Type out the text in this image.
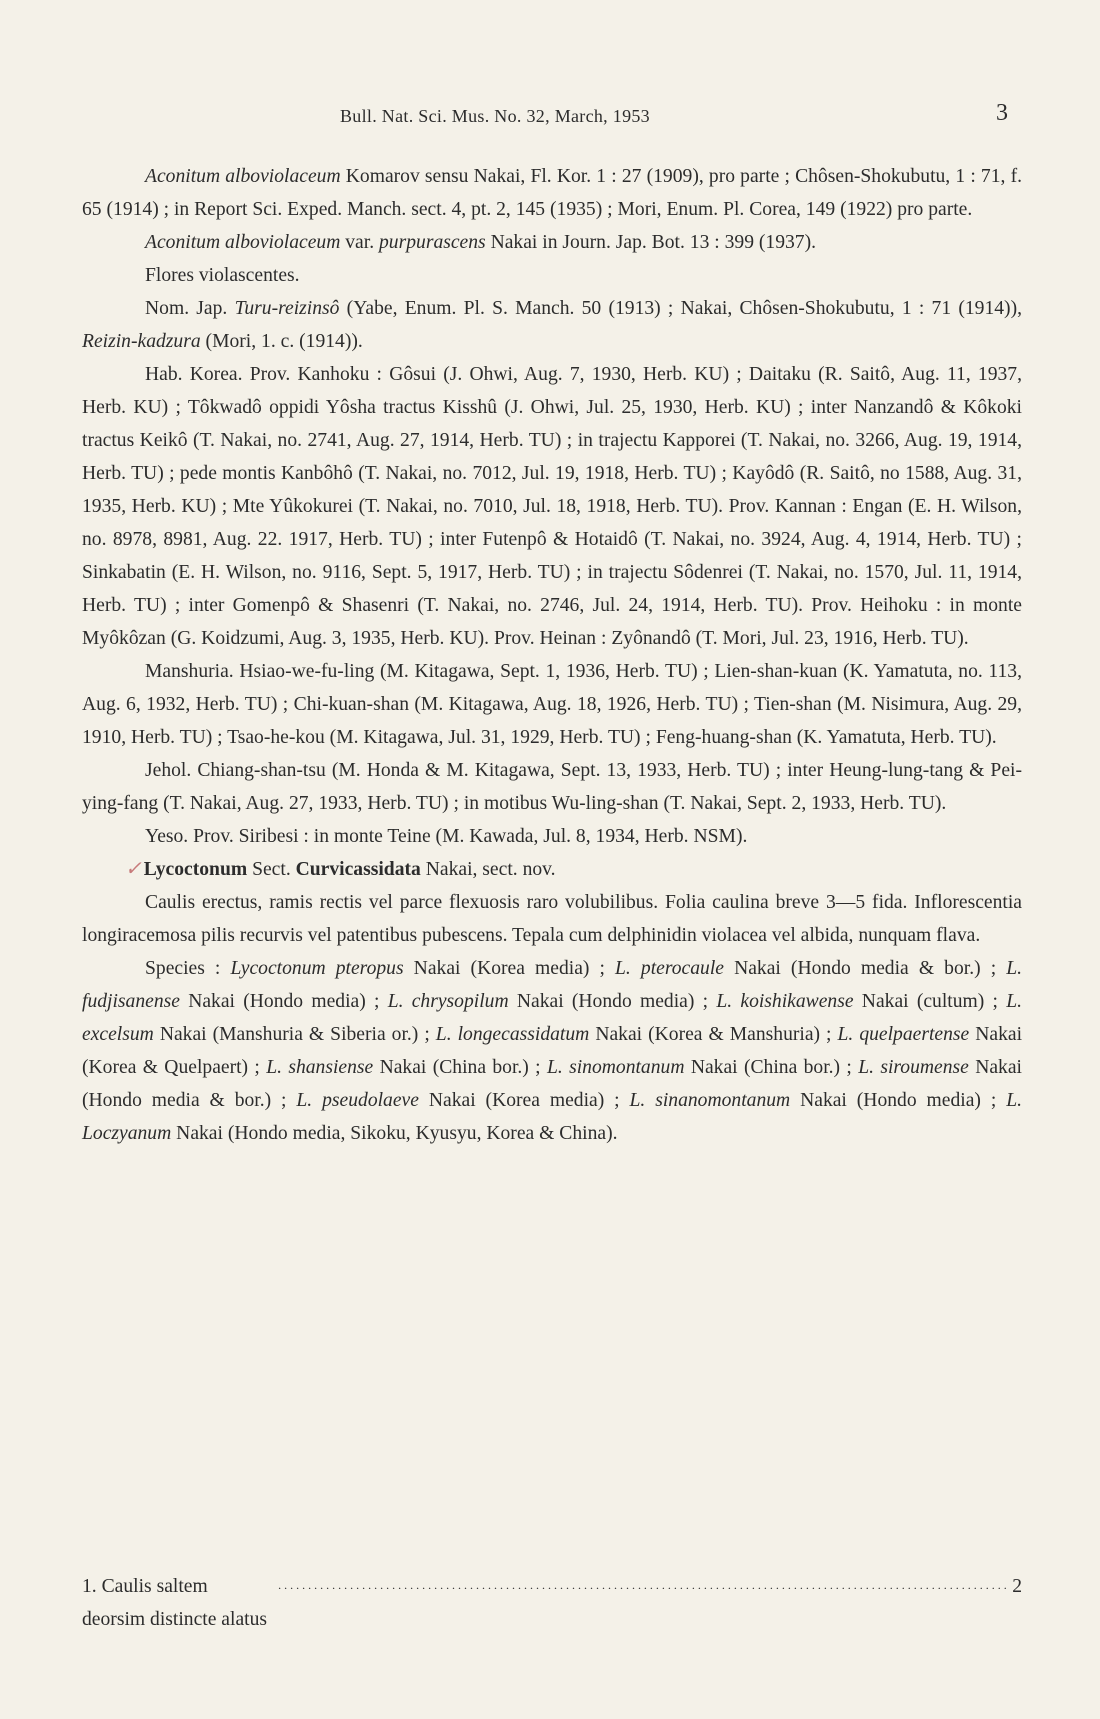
Bull. Nat. Sci. Mus. No. 32, March, 1953	3

Aconitum alboviolaceum Komarov sensu Nakai, Fl. Kor. 1 : 27 (1909), pro parte ; Chôsen-Shokubutu, 1 : 71, f. 65 (1914) ; in Report Sci. Exped. Manch. sect. 4, pt. 2, 145 (1935) ; Mori, Enum. Pl. Corea, 149 (1922) pro parte.

Aconitum alboviolaceum var. purpurascens Nakai in Journ. Jap. Bot. 13 : 399 (1937).

Flores violascentes.

Nom. Jap. Turu-reizinsô (Yabe, Enum. Pl. S. Manch. 50 (1913) ; Nakai, Chôsen-Shokubutu, 1 : 71 (1914)), Reizin-kadzura (Mori, 1. c. (1914)).

Hab. Korea. Prov. Kanhoku : Gôsui (J. Ohwi, Aug. 7, 1930, Herb. KU) ; Daitaku (R. Saitô, Aug. 11, 1937, Herb. KU) ; Tôkwadô oppidi Yôsha tractus Kisshû (J. Ohwi, Jul. 25, 1930, Herb. KU) ; inter Nanzandô & Kôkoki tractus Keikô (T. Nakai, no. 2741, Aug. 27, 1914, Herb. TU) ; in trajectu Kapporei (T. Nakai, no. 3266, Aug. 19, 1914, Herb. TU) ; pede montis Kanbôhô (T. Nakai, no. 7012, Jul. 19, 1918, Herb. TU) ; Kayôdô (R. Saitô, no 1588, Aug. 31, 1935, Herb. KU) ; Mte Yûkokurei (T. Nakai, no. 7010, Jul. 18, 1918, Herb. TU). Prov. Kannan : Engan (E. H. Wilson, no. 8978, 8981, Aug. 22. 1917, Herb. TU) ; inter Futenpô & Hotaidô (T. Nakai, no. 3924, Aug. 4, 1914, Herb. TU) ; Sinkabatin (E. H. Wilson, no. 9116, Sept. 5, 1917, Herb. TU) ; in trajectu Sôdenrei (T. Nakai, no. 1570, Jul. 11, 1914, Herb. TU) ; inter Gomenpô & Shasenri (T. Nakai, no. 2746, Jul. 24, 1914, Herb. TU). Prov. Heihoku : in monte Myôkôzan (G. Koidzumi, Aug. 3, 1935, Herb. KU). Prov. Heinan : Zyônandô (T. Mori, Jul. 23, 1916, Herb. TU).

Manshuria. Hsiao-we-fu-ling (M. Kitagawa, Sept. 1, 1936, Herb. TU) ; Lien-shan-kuan (K. Yamatuta, no. 113, Aug. 6, 1932, Herb. TU) ; Chi-kuan-shan (M. Kitagawa, Aug. 18, 1926, Herb. TU) ; Tien-shan (M. Nisimura, Aug. 29, 1910, Herb. TU) ; Tsao-he-kou (M. Kitagawa, Jul. 31, 1929, Herb. TU) ; Feng-huang-shan (K. Yamatuta, Herb. TU).

Jehol. Chiang-shan-tsu (M. Honda & M. Kitagawa, Sept. 13, 1933, Herb. TU) ; inter Heung-lung-tang & Pei-ying-fang (T. Nakai, Aug. 27, 1933, Herb. TU) ; in motibus Wu-ling-shan (T. Nakai, Sept. 2, 1933, Herb. TU).

Yeso. Prov. Siribesi : in monte Teine (M. Kawada, Jul. 8, 1934, Herb. NSM).

✓ Lycoctonum Sect. Curvicassidata Nakai, sect. nov.

Caulis erectus, ramis rectis vel parce flexuosis raro volubilibus. Folia caulina breve 3—5 fida. Inflorescentia longiracemosa pilis recurvis vel patentibus pubescens. Tepala cum delphinidin violacea vel albida, nunquam flava.

Species : Lycoctonum pteropus Nakai (Korea media) ; L. pterocaule Nakai (Hondo media & bor.) ; L. fudjisanense Nakai (Hondo media) ; L. chrysopilum Nakai (Hondo media) ; L. koishikawense Nakai (cultum) ; L. excelsum Nakai (Manshuria & Siberia or.) ; L. longecassidatum Nakai (Korea & Manshuria) ; L. quelpaertense Nakai (Korea & Quelpaert) ; L. shansiense Nakai (China bor.) ; L. sinomontanum Nakai (China bor.) ; L. siroumense Nakai (Hondo media & bor.) ; L. pseudolaeve Nakai (Korea media) ; L. sinanomontanum Nakai (Hondo media) ; L. Loczyanum Nakai (Hondo media, Sikoku, Kyusyu, Korea & China).

1. Caulis saltem deorsim distincte alatus
·························································································································· 2
